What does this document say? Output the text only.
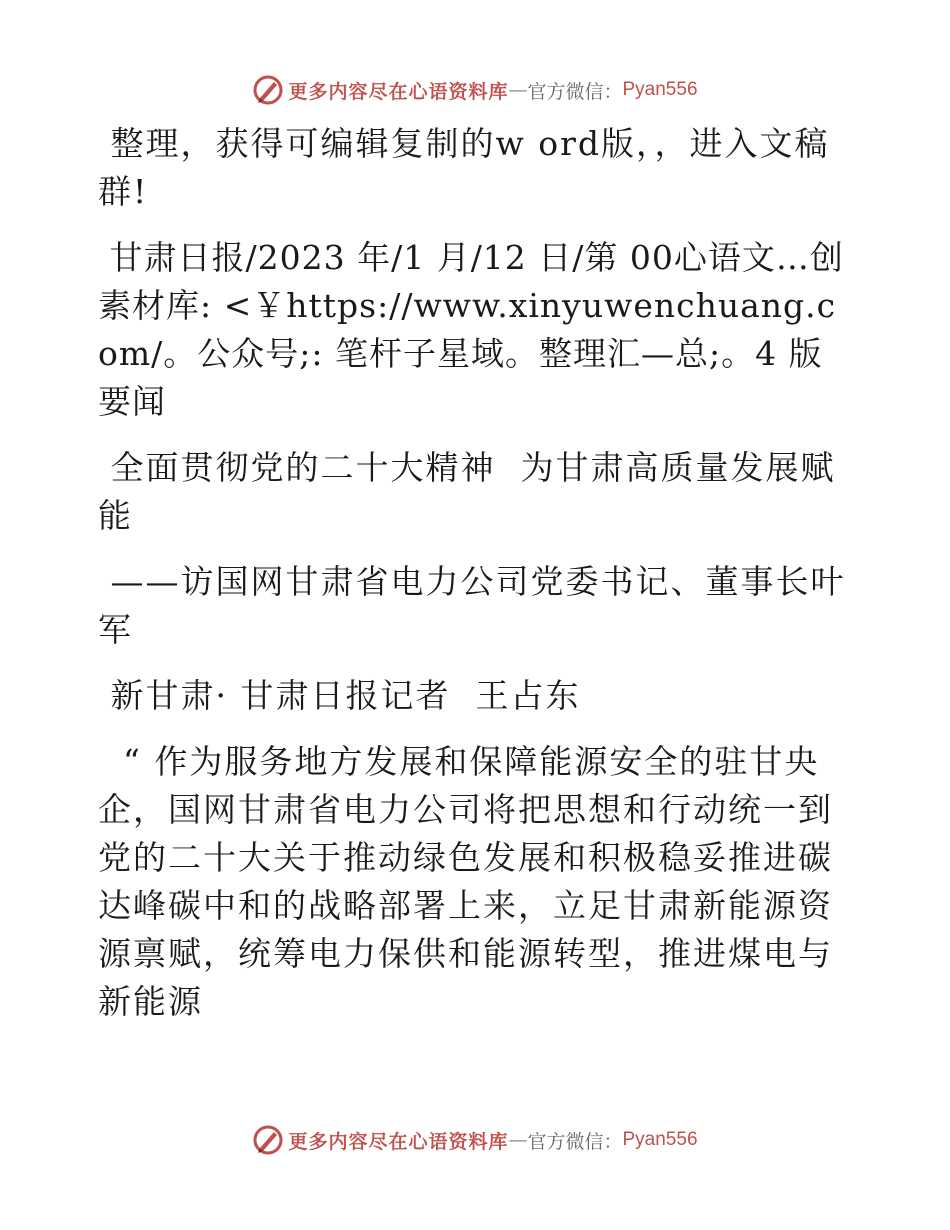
更多内容尽在心语资料库 — 官方微信： Pyan556

整理，获得可编辑复制的w ord版，，进入文稿群!

甘肃日报/2023 年/1 月/12 日/第 00心语文…创素材库: <￥https://www.xinyuwenchuang.com/。公众号;: 笔杆子星域。整理汇—总;。4 版要闻

全面贯彻党的二十大精神  为甘肃高质量发展赋能

——访国网甘肃省电力公司党委书记、董事长叶军

新甘肃· 甘肃日报记者  王占东

“ 作为服务地方发展和保障能源安全的驻甘央企，国网甘肃省电力公司将把思想和行动统一到党的二十大关于推动绿色发展和积极稳妥推进碳达峰碳中和的战略部署上来，立足甘肃新能源资源禀赋，统筹电力保供和能源转型，推进煤电与新能源

更多内容尽在心语资料库 — 官方微信： Pyan556
